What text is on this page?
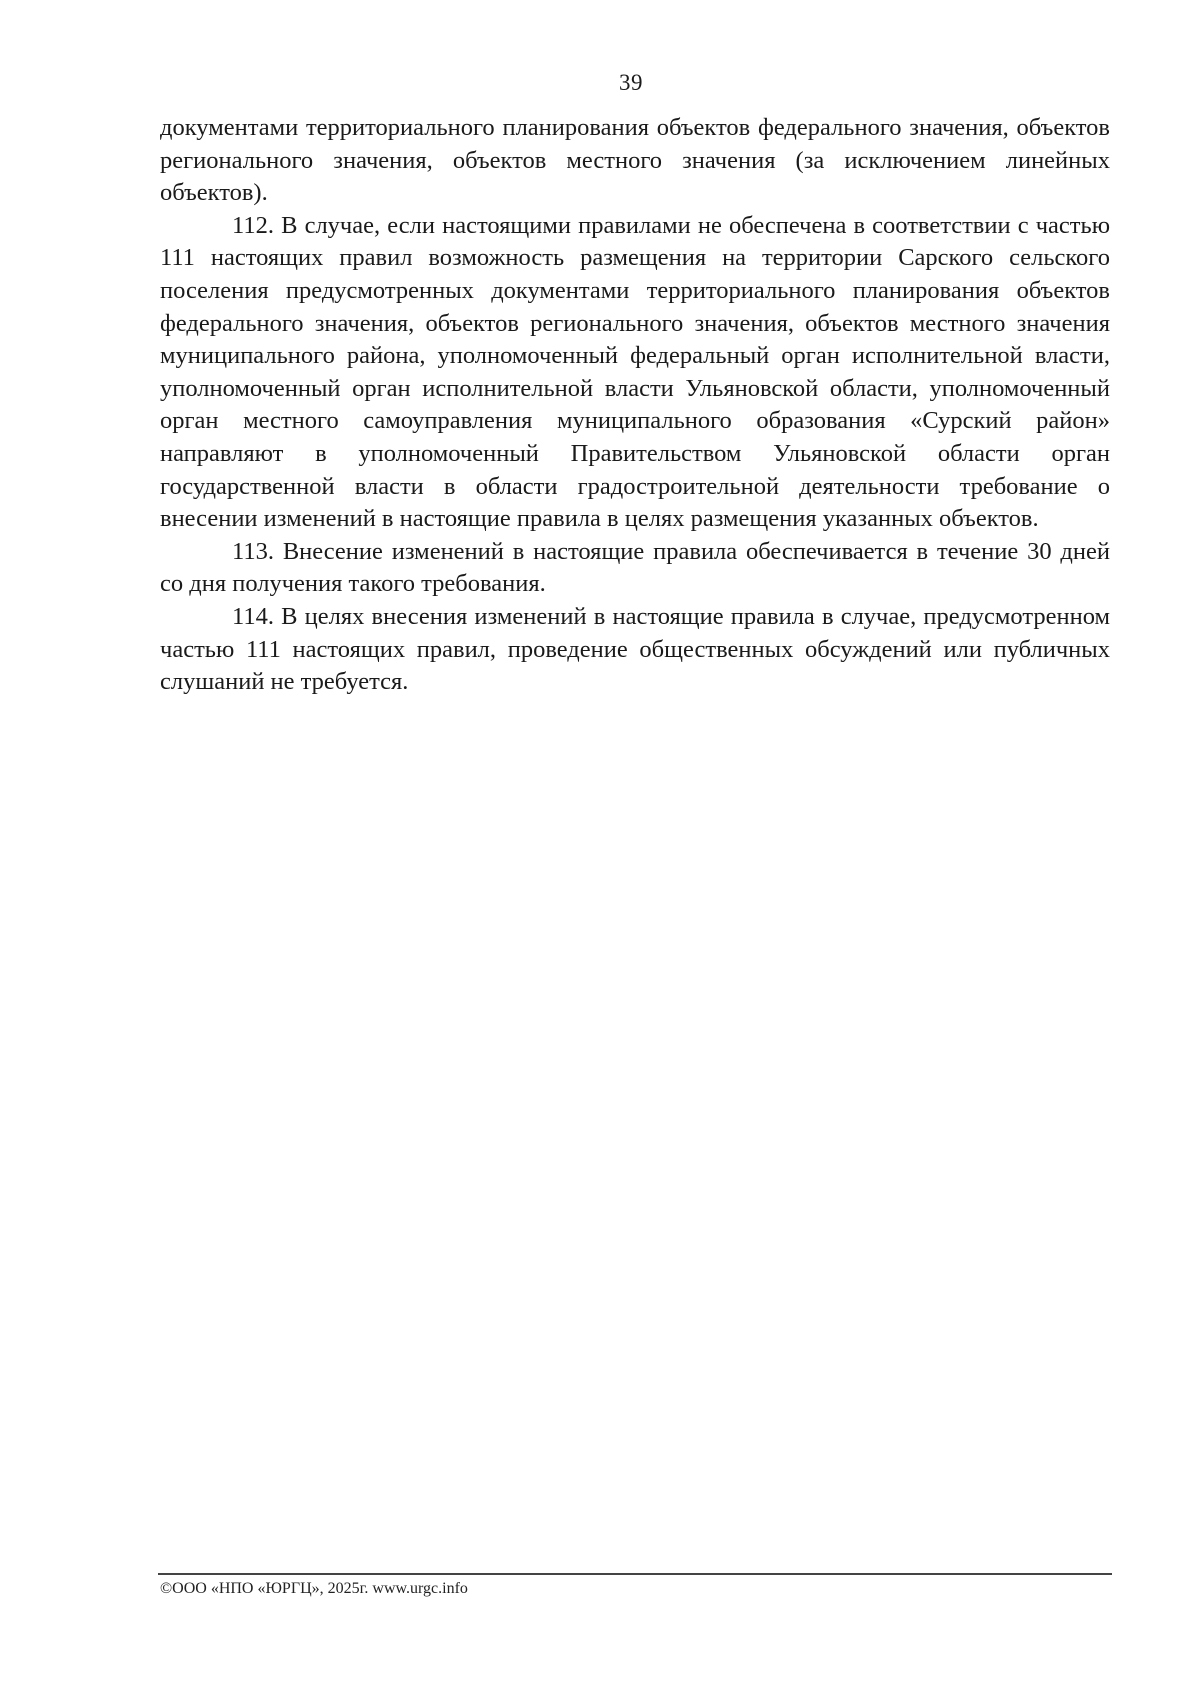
39

документами территориального планирования объектов федерального значения, объектов регионального значения, объектов местного значения (за исключением линейных объектов).

112. В случае, если настоящими правилами не обеспечена в соответствии с частью 111 настоящих правил возможность размещения на территории Сарского сельского поселения предусмотренных документами территориального планирования объектов федерального значения, объектов регионального значения, объектов местного значения муниципального района, уполномоченный федеральный орган исполнительной власти, уполномоченный орган исполнительной власти Ульяновской области, уполномоченный орган местного самоуправления муниципального образования «Сурский район» направляют в уполномоченный Правительством Ульяновской области орган государственной власти в области градостроительной деятельности требование о внесении изменений в настоящие правила в целях размещения указанных объектов.

113. Внесение изменений в настоящие правила обеспечивается в течение 30 дней со дня получения такого требования.

114. В целях внесения изменений в настоящие правила в случае, предусмотренном частью 111 настоящих правил, проведение общественных обсуждений или публичных слушаний не требуется.

©ООО «НПО «ЮРГЦ», 2025г. www.urgc.info
